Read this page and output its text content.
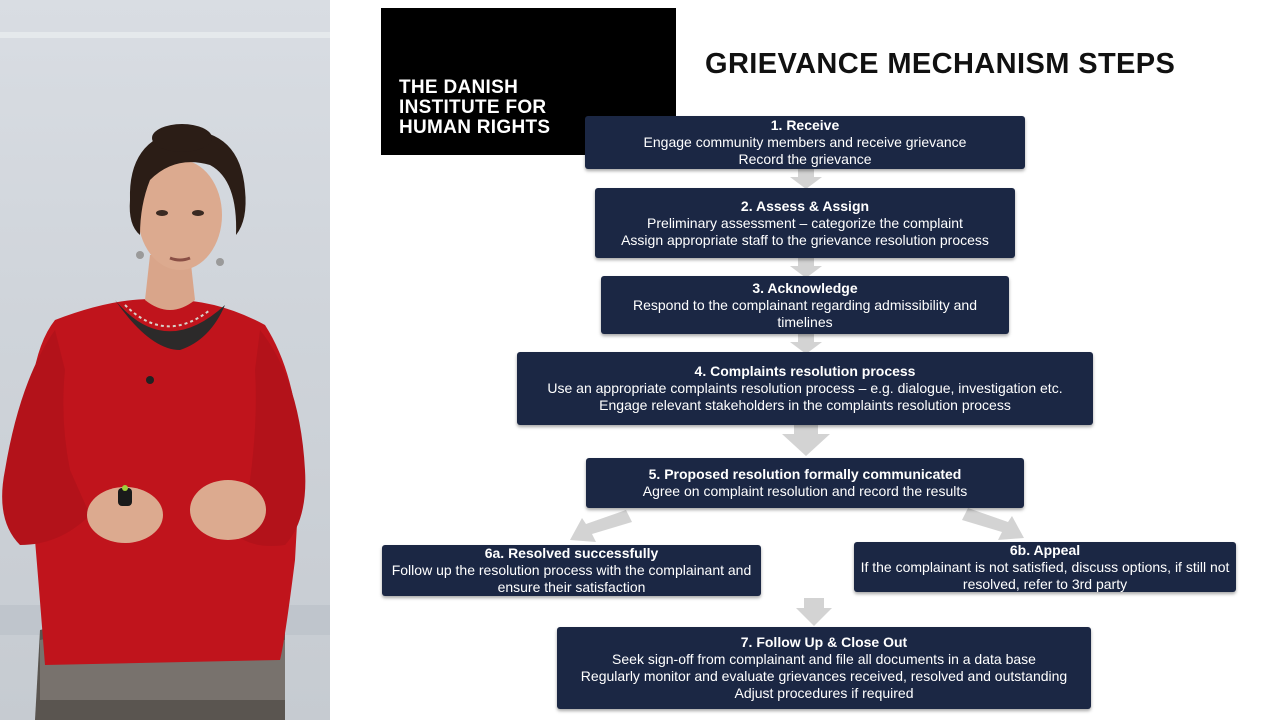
THE DANISH
INSTITUTE FOR
HUMAN RIGHTS
GRIEVANCE MECHANISM STEPS
1. Receive
Engage community members and receive grievance
Record the grievance
2. Assess & Assign
Preliminary assessment – categorize the complaint
Assign appropriate staff to the grievance resolution process
3. Acknowledge
Respond to the complainant regarding admissibility and timelines
4. Complaints resolution process
Use an appropriate complaints resolution process – e.g. dialogue, investigation etc.
Engage relevant stakeholders in the complaints resolution process
5. Proposed resolution formally communicated
Agree on complaint resolution and record the results
6a. Resolved successfully
Follow up the resolution process with the complainant and ensure their satisfaction
6b. Appeal
If the complainant is not satisfied, discuss options, if still not resolved, refer to 3rd party
7. Follow Up & Close Out
Seek sign-off from complainant and file all documents in a data base
Regularly monitor and evaluate grievances received, resolved and outstanding
Adjust procedures if required
